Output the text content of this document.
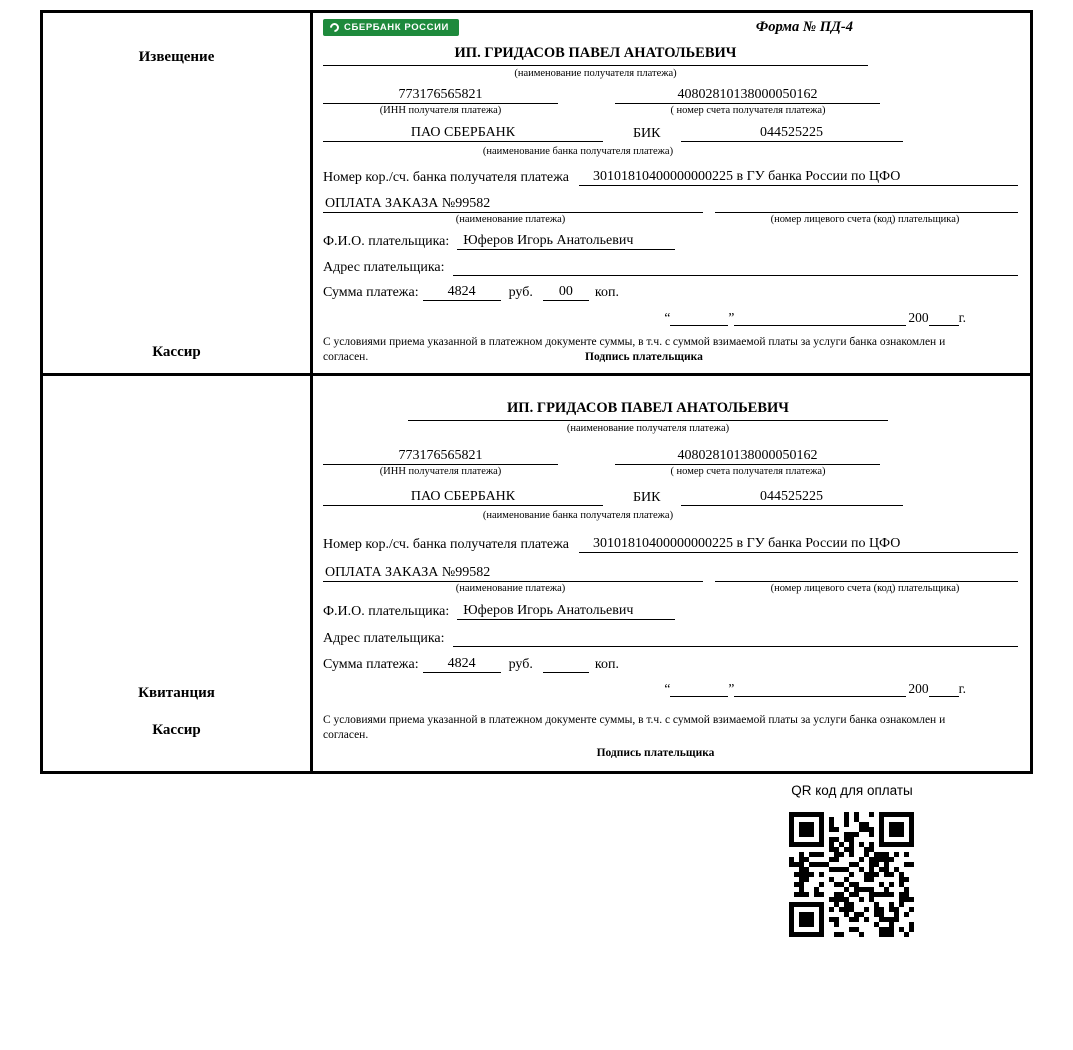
Извещение
Кассир
СБЕРБАНК РОССИИ	Форма № ПД-4
ИП. ГРИДАСОВ ПАВЕЛ АНАТОЛЬЕВИЧ
(наименование получателя платежа)
773176565821	40802810138000050162
(ИНН получателя платежа)	( номер счета получателя платежа)
ПАО СБЕРБАНК	БИК	044525225
(наименование банка получателя платежа)
Номер кор./сч. банка получателя платежа	30101810400000000225 в ГУ банка России по ЦФО
ОПЛАТА ЗАКАЗА №99582
(наименование платежа)	(номер лицевого счета (код) плательщика)
Ф.И.О. плательщика:	Юферов Игорь Анатольевич
Адрес плательщика:
Сумма платежа:	4824	руб.	00	коп.
“	”	200 г.
С условиями приема указанной в платежном документе суммы, в т.ч. с суммой взимаемой платы за услуги банка ознакомлен и согласен.	Подпись плательщика
Квитанция
Кассир
ИП. ГРИДАСОВ ПАВЕЛ АНАТОЛЬЕВИЧ
(наименование получателя платежа)
773176565821	40802810138000050162
(ИНН получателя платежа)	( номер счета получателя платежа)
ПАО СБЕРБАНК	БИК	044525225
(наименование банка получателя платежа)
Номер кор./сч. банка получателя платежа	30101810400000000225 в ГУ банка России по ЦФО
ОПЛАТА ЗАКАЗА №99582
(наименование платежа)	(номер лицевого счета (код) плательщика)
Ф.И.О. плательщика:	Юферов Игорь Анатольевич
Адрес плательщика:
Сумма платежа:	4824	руб.	коп.
“	”	200 г.
С условиями приема указанной в платежном документе суммы, в т.ч. с суммой взимаемой платы за услуги банка ознакомлен и согласен.
Подпись плательщика
QR код для оплаты
